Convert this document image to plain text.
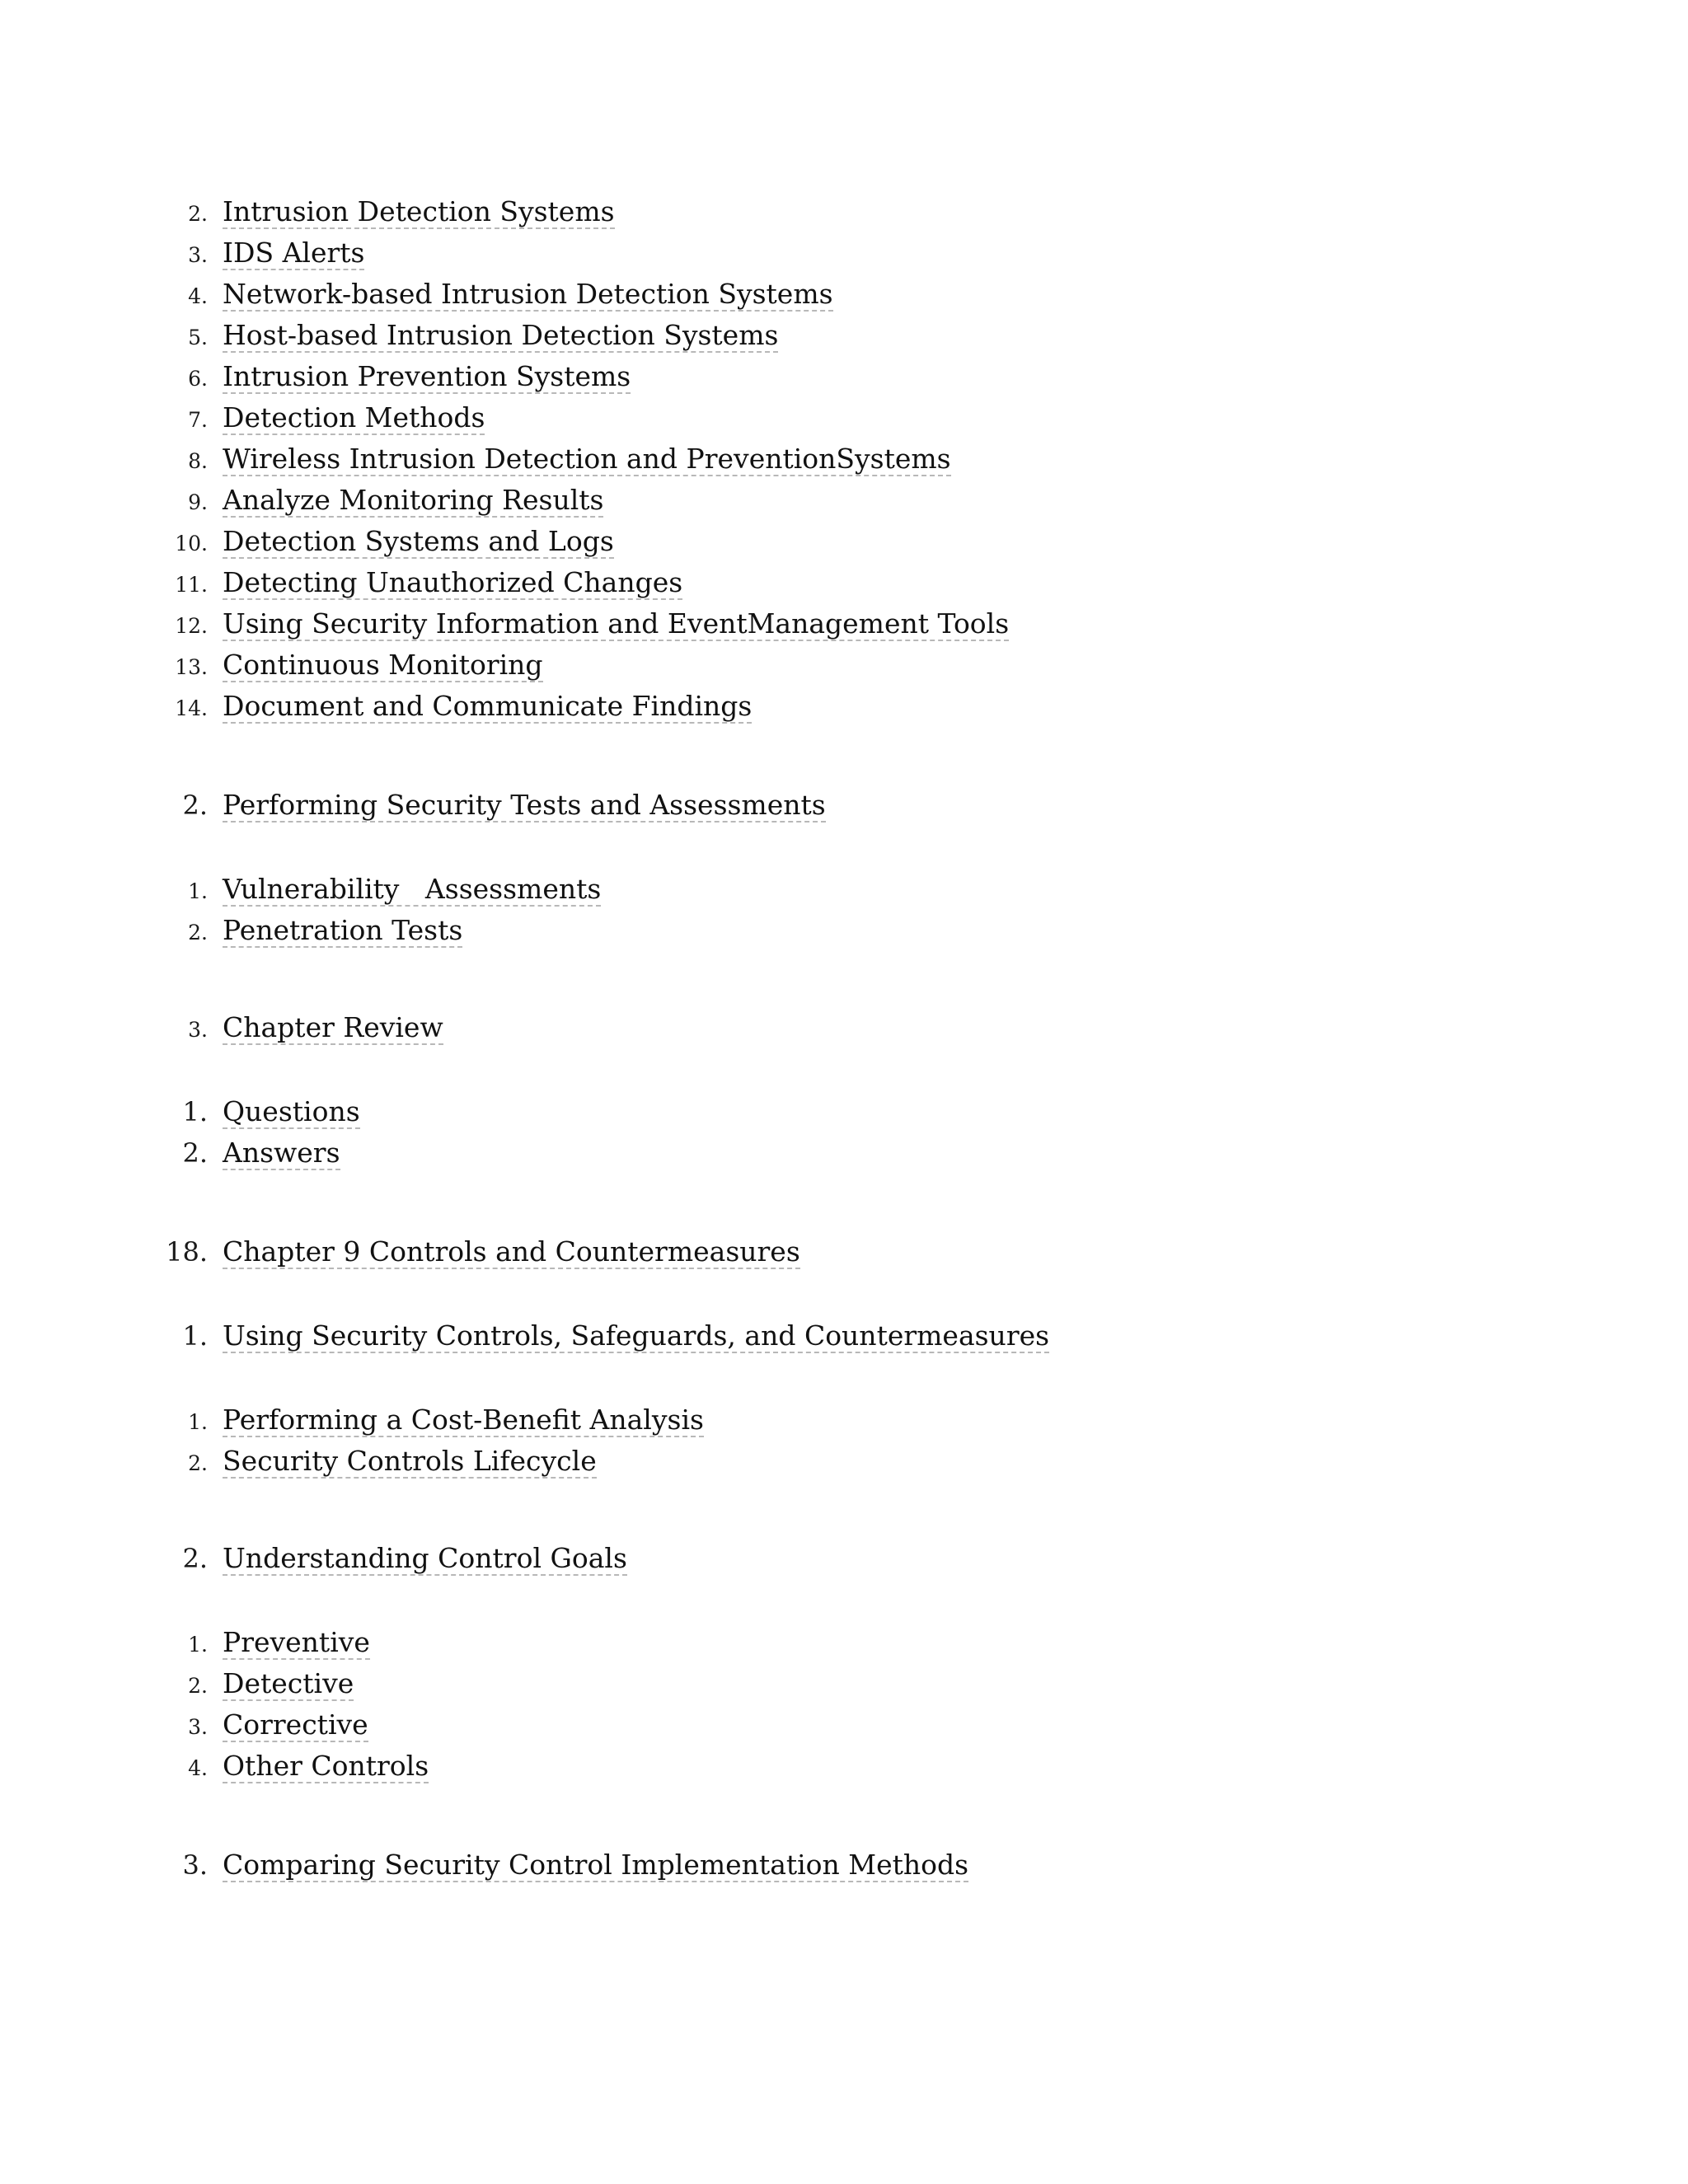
2. Intrusion Detection Systems
3. IDS Alerts
4. Network-based Intrusion Detection Systems
5. Host-based Intrusion Detection Systems
6. Intrusion Prevention Systems
7. Detection Methods
8. Wireless Intrusion Detection and PreventionSystems
9. Analyze Monitoring Results
10. Detection Systems and Logs
11. Detecting Unauthorized Changes
12. Using Security Information and EventManagement Tools
13. Continuous Monitoring
14. Document and Communicate Findings
2. Performing Security Tests and Assessments
1. Vulnerability   Assessments
2. Penetration Tests
3. Chapter Review
1. Questions
2. Answers
18. Chapter 9 Controls and Countermeasures
1. Using Security Controls, Safeguards, and Countermeasures
1. Performing a Cost-Benefit Analysis
2. Security Controls Lifecycle
2. Understanding Control Goals
1. Preventive
2. Detective
3. Corrective
4. Other Controls
3. Comparing Security Control Implementation Methods
